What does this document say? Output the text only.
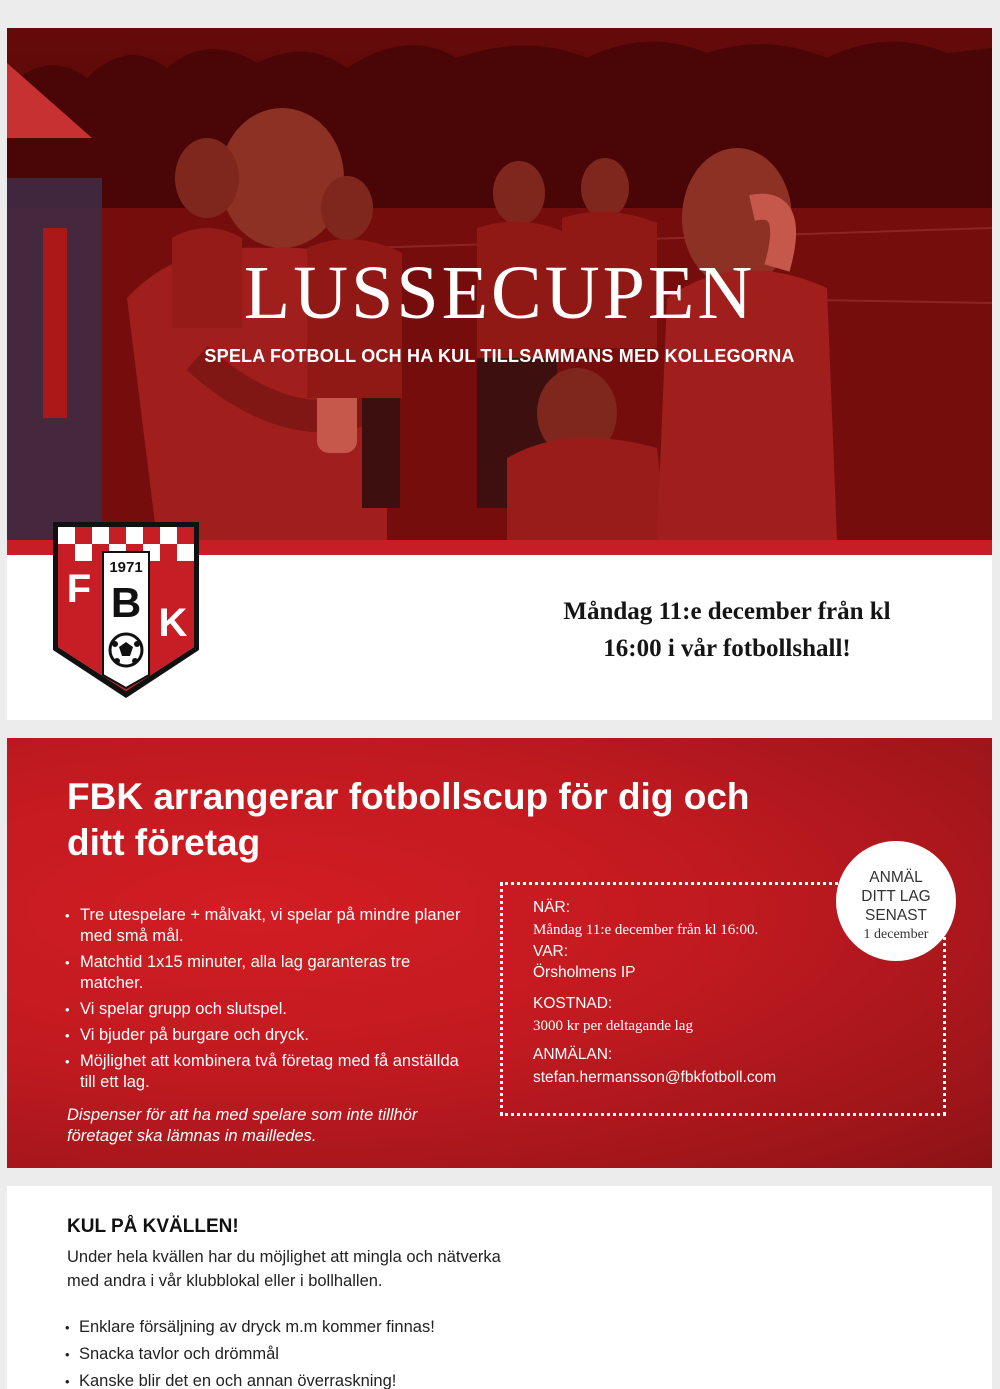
LUSSECUPEN
SPELA FOTBOLL OCH HA KUL TILLSAMMANS MED KOLLEGORNA
1971
B
F
K	Måndag 11:e december från kl
16:00 i vår fotbollshall!
FBK arrangerar fotbollscup för dig och
ditt företag
• Tre utespelare + målvakt, vi spelar på mindre planer med små mål.
• Matchtid 1x15 minuter, alla lag garanteras tre matcher.
• Vi spelar grupp och slutspel.
• Vi bjuder på burgare och dryck.
• Möjlighet att kombinera två företag med få anställda till ett lag.
Dispenser för att ha med spelare som inte tillhör företaget ska lämnas in mailledes.
NÄR:
Måndag 11:e december från kl 16:00.
VAR:
Örsholmens IP
KOSTNAD:
3000 kr per deltagande lag
ANMÄLAN:
stefan.hermansson@fbkfotboll.com
ANMÄL
DITT LAG
SENAST
1 december
KUL PÅ KVÄLLEN!
Under hela kvällen har du möjlighet att mingla och nätverka
med andra i vår klubblokal eller i bollhallen.
• Enklare försäljning av dryck m.m kommer finnas!
• Snacka tavlor och drömmål
• Kanske blir det en och annan överraskning!
